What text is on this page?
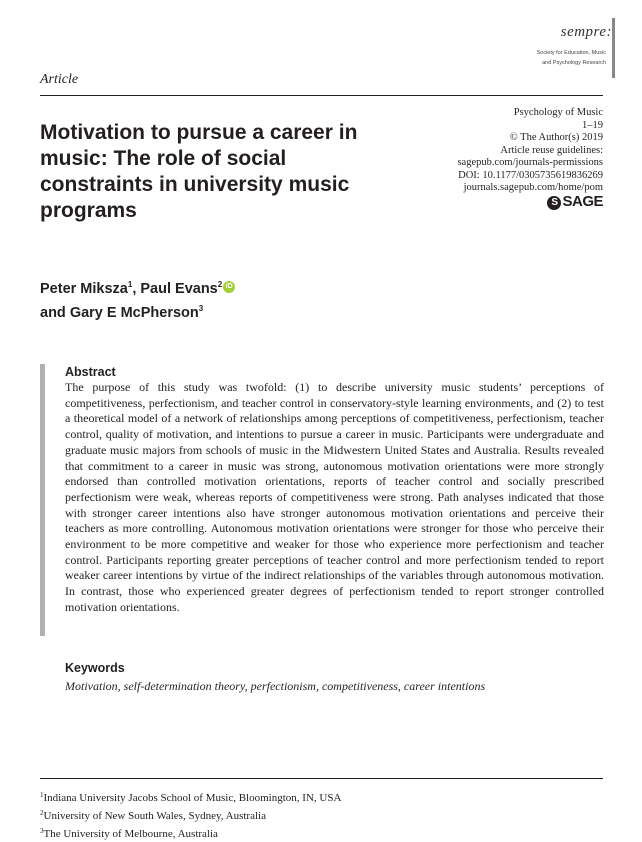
sempre:
Society for Education, Music
and Psychology Research
Article
Motivation to pursue a career in music: The role of social constraints in university music programs
Psychology of Music
1–19
© The Author(s) 2019
Article reuse guidelines:
sagepub.com/journals-permissions
DOI: 10.1177/0305735619836269
journals.sagepub.com/home/pom
S SAGE
Peter Miksza$^1$, Paul Evans$^2$ iD
and Gary E McPherson$^3$
Abstract
The purpose of this study was twofold: (1) to describe university music students’ perceptions of competitiveness, perfectionism, and teacher control in conservatory-style learning environments, and (2) to test a theoretical model of a network of relationships among perceptions of competitiveness, perfectionism, teacher control, quality of motivation, and intentions to pursue a career in music. Participants were undergraduate and graduate music majors from schools of music in the Midwestern United States and Australia. Results revealed that commitment to a career in music was strong, autonomous motivation orientations were more strongly endorsed than controlled motivation orientations, reports of teacher control and socially prescribed perfectionism were weak, whereas reports of competitiveness were strong. Path analyses indicated that those with stronger career intentions also have stronger autonomous motivation orientations and perceive their teachers as more controlling. Autonomous motivation orientations were stronger for those who perceive their environment to be more competitive and weaker for those who experience more perfectionism and teacher control. Participants reporting greater perceptions of teacher control and more perfectionism tended to report weaker career intentions by virtue of the indirect relationships of the variables through autonomous motivation. In contrast, those who experienced greater degrees of perfectionism tended to report stronger controlled motivation orientations.
Keywords
Motivation, self-determination theory, perfectionism, competitiveness, career intentions
$^1$Indiana University Jacobs School of Music, Bloomington, IN, USA
$^2$University of New South Wales, Sydney, Australia
$^3$The University of Melbourne, Australia
